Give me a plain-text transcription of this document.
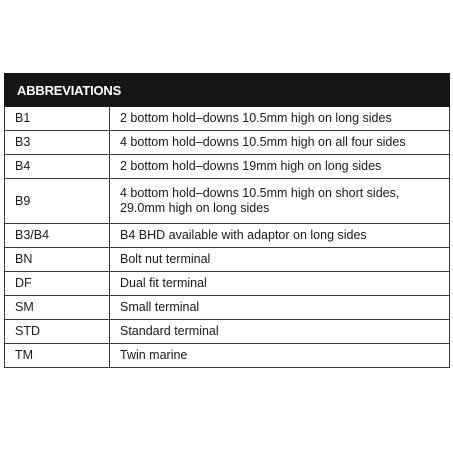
ABBREVIATIONS	
B1	2 bottom hold–downs 10.5mm high on long sides
B3	4 bottom hold–downs 10.5mm high on all four sides
B4	2 bottom hold–downs 19mm high on long sides
B9	4 bottom hold–downs 10.5mm high on short sides, 29.0mm high on long sides
B3/B4	B4 BHD available with adaptor on long sides
BN	Bolt nut terminal
DF	Dual fit terminal
SM	Small terminal
STD	Standard terminal
TM	Twin marine
